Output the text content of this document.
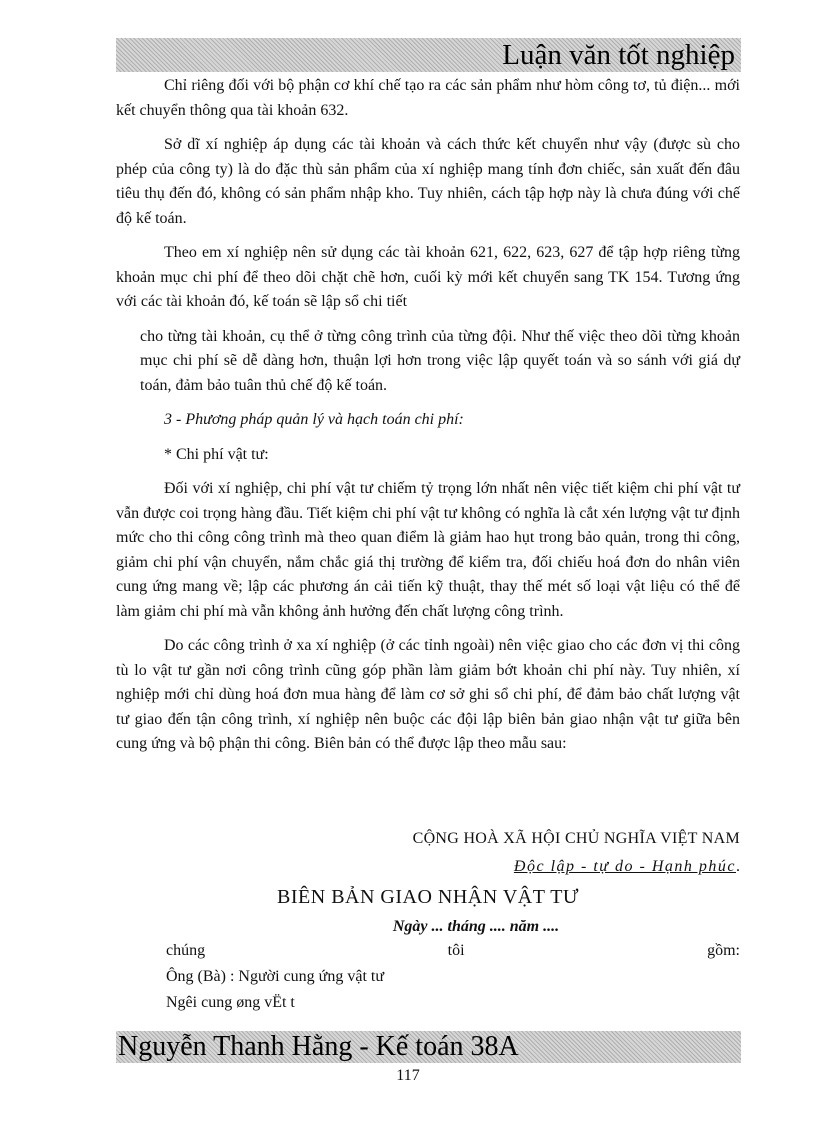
Luận văn tốt nghiệp

Chỉ riêng đối với bộ phận cơ khí chế tạo ra các sản phẩm như hòm công tơ, tủ điện... mới kết chuyển thông qua tài khoản 632.

Sở dĩ xí nghiệp áp dụng các tài khoản và cách thức kết chuyển như vậy (được sù cho phép của công ty) là do đặc thù sản phẩm của xí nghiệp mang tính đơn chiếc, sản xuất đến đâu tiêu thụ đến đó, không có sản phẩm nhập kho. Tuy nhiên, cách tập hợp này là chưa đúng với chế độ kế toán.

Theo em xí nghiệp nên sử dụng các tài khoản 621, 622, 623, 627 để tập hợp riêng từng khoản mục chi phí để theo dõi chặt chẽ hơn, cuối kỳ mới kết chuyển sang TK 154. Tương ứng với các tài khoản đó, kế toán sẽ lập sổ chi tiết

cho từng tài khoản, cụ thể ở từng công trình của từng đội. Như thế việc theo dõi từng khoản mục chi phí sẽ dễ dàng hơn, thuận lợi hơn trong việc lập quyết toán và so sánh với giá dự toán, đảm bảo tuân thủ chế độ kế toán.

3 - Phương pháp quản lý và hạch toán chi phí:

* Chi phí vật tư:

Đối với xí nghiệp, chi phí vật tư chiếm tỷ trọng lớn nhất nên việc tiết kiệm chi phí vật tư vẫn được coi trọng hàng đầu. Tiết kiệm chi phí vật tư không có nghĩa là cắt xén lượng vật tư định mức cho thi công công trình mà theo quan điểm là giảm hao hụt trong bảo quản, trong thi công, giảm chi phí vận chuyển, nắm chắc giá thị trường để kiểm tra, đối chiếu hoá đơn do nhân viên cung ứng mang về; lập các phương án cải tiến kỹ thuật, thay thế mét số loại vật liệu có thể để làm giảm chi phí mà vẫn không ảnh hưởng đến chất lượng công trình.

Do các công trình ở xa xí nghiệp (ở các tỉnh ngoài) nên việc giao cho các đơn vị thi công tù lo vật tư gần nơi công trình cũng góp phần làm giảm bớt khoản chi phí này. Tuy nhiên, xí nghiệp mới chỉ dùng hoá đơn mua hàng để làm cơ sở ghi sổ chi phí, để đảm bảo chất lượng vật tư giao đến tận công trình, xí nghiệp nên buộc các đội lập biên bản giao nhận vật tư giữa bên cung ứng và bộ phận thi công. Biên bản có thể được lập theo mẫu sau:

CỘNG HOÀ XÃ HỘI CHỦ NGHĨA VIỆT NAM
Độc lập - tự do - Hạnh phúc.
BIÊN BẢN GIAO NHẬN VẬT TƯ
Ngày ... tháng .... năm ....
chúng	tôi	gồm:
Ông (Bà) : Người cung ứng vật tư
Ngêi cung øng vËt t
Nguyễn Thanh Hằng - Kế toán 38A
117
